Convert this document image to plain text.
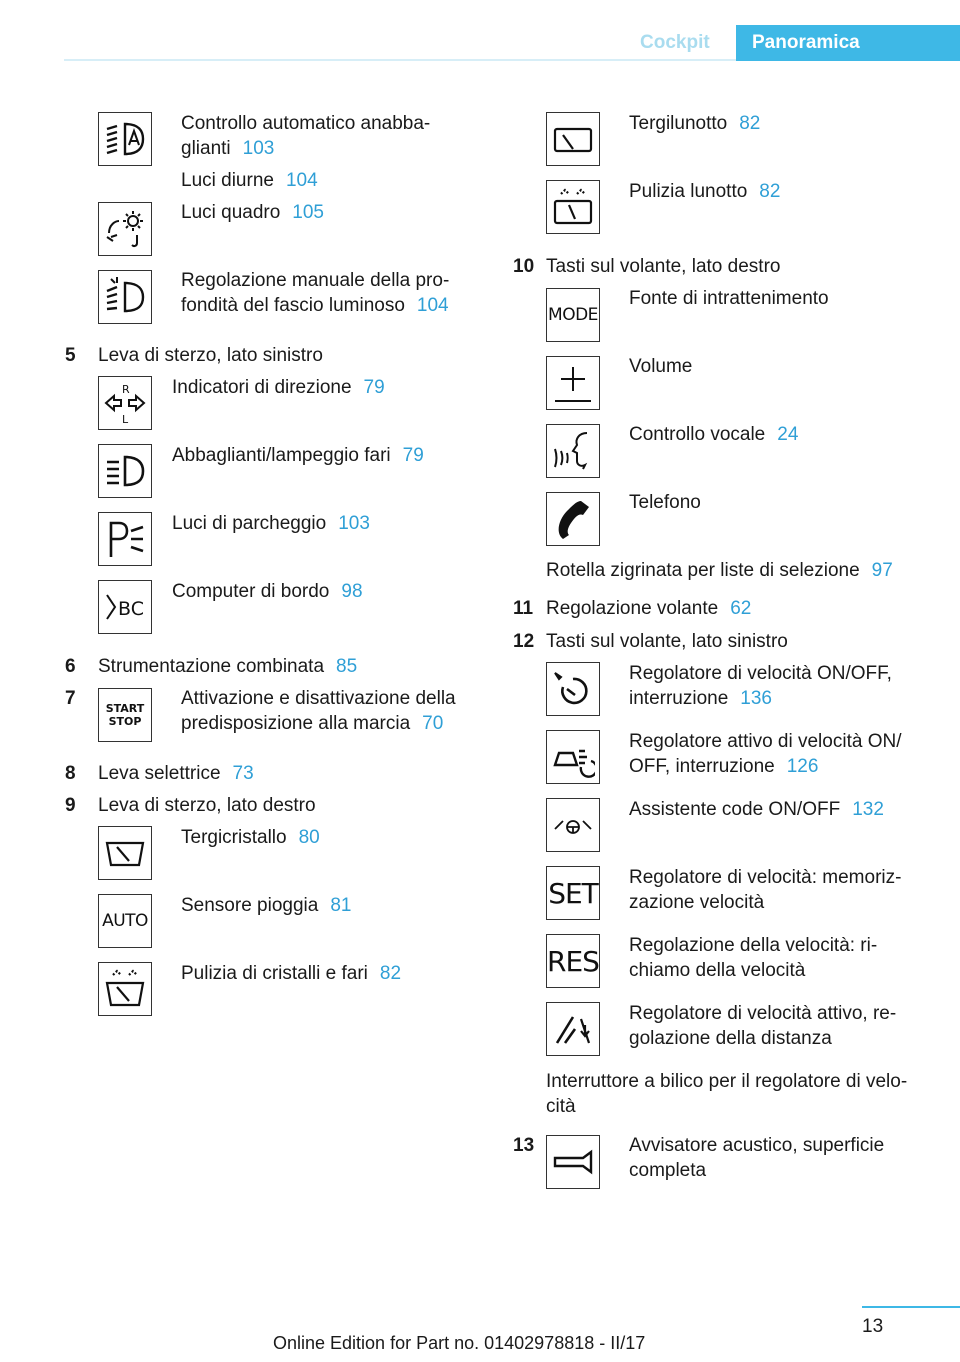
Cockpit Panoramica
Controllo automatico anabba-
glianti 103
Luci diurne 104
Luci quadro 105
Regolazione manuale della pro-
fondità del fascio luminoso 104
5 Leva di sterzo, lato sinistro
R
L
Indicatori di direzione 79
Abbaglianti/lampeggio fari 79
Luci di parcheggio 103
BC
Computer di bordo 98
6 Strumentazione combinata 85
7	START
STOP
Attivazione e disattivazione della
predisposizione alla marcia 70
8 Leva selettrice 73
9 Leva di sterzo, lato destro
Tergicristallo 80
AUTO
Sensore pioggia 81
Pulizia di cristalli e fari 82
Tergilunotto 82
Pulizia lunotto 82
10 Tasti sul volante, lato destro
MODE
Fonte di intrattenimento
Volume
Controllo vocale 24
Telefono
Rotella zigrinata per liste di selezione 97
11 Regolazione volante 62
12 Tasti sul volante, lato sinistro
Regolatore di velocità ON/OFF,
interruzione 136
Regolatore attivo di velocità ON/
OFF, interruzione 126
Assistente code ON/OFF 132
SET Regolatore di velocità: memoriz-
zazione velocità
RES Regolazione della velocità: ri-
chiamo della velocità
Regolatore di velocità attivo, re-
golazione della distanza
Interruttore a bilico per il regolatore di velo-
cità
13	Avvisatore acustico, superficie
completa
13
Online Edition for Part no. 01402978818 - II/17
